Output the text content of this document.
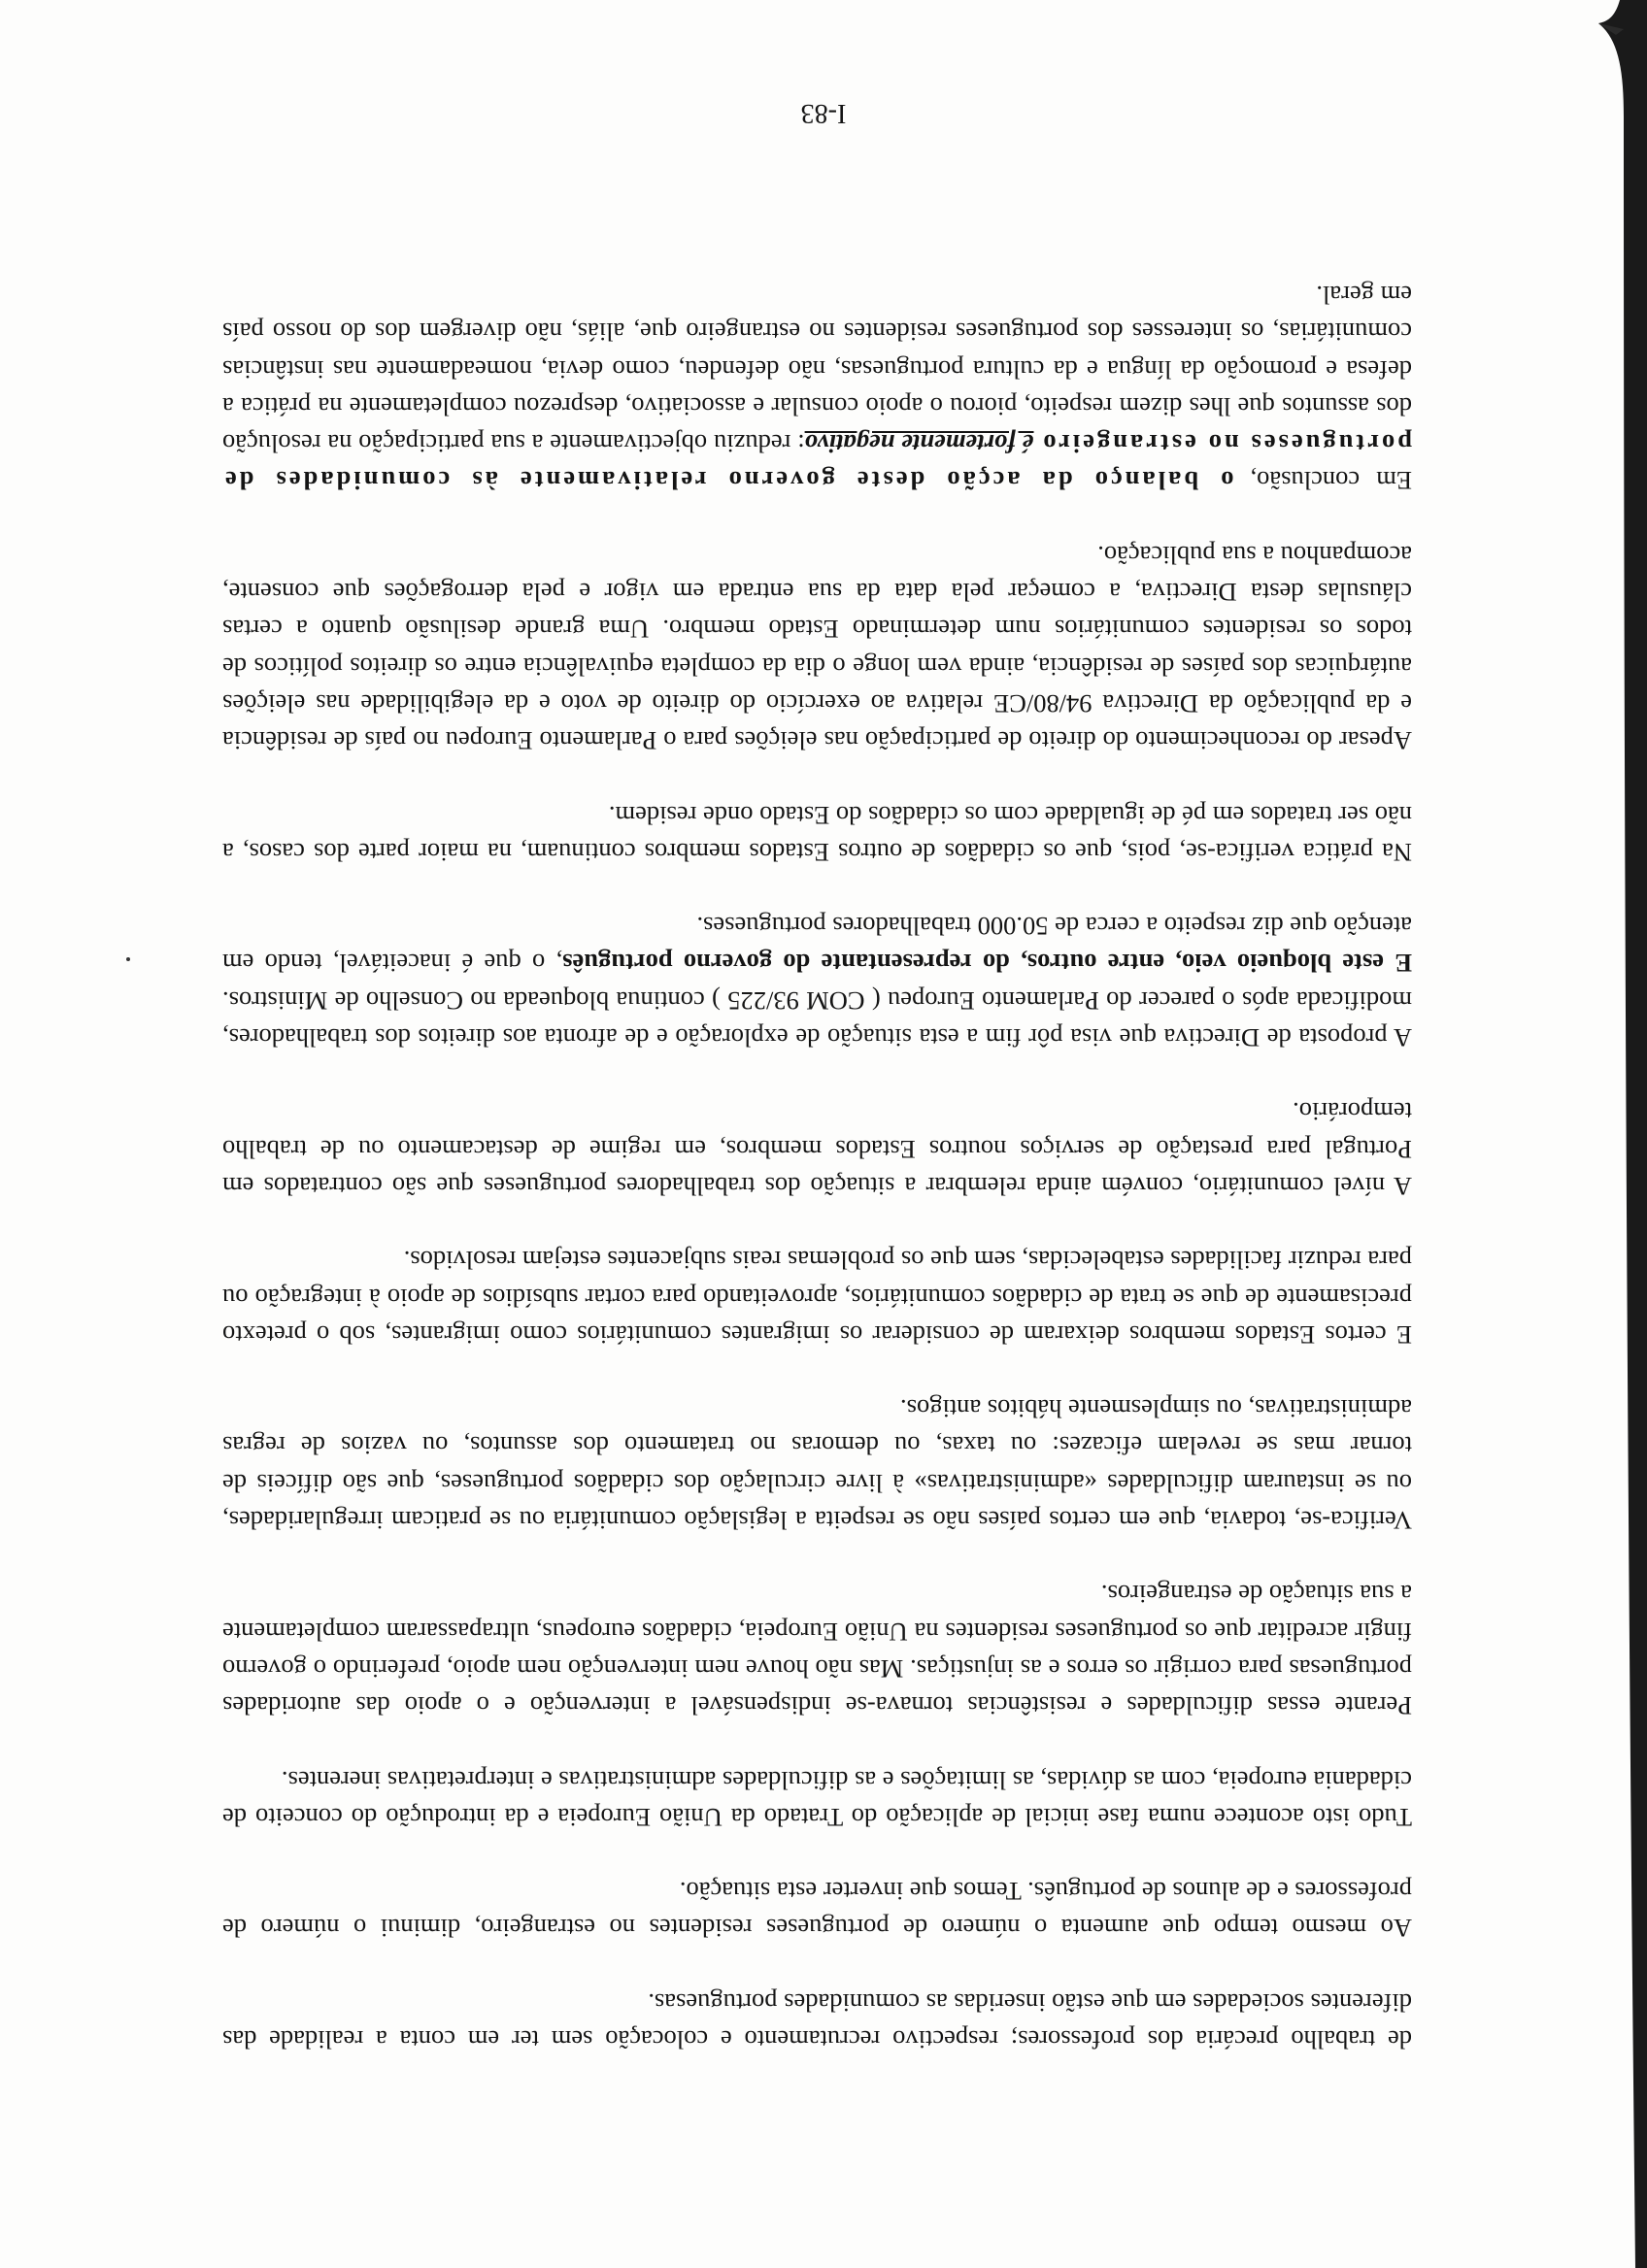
de trabalho precária dos professores; respectivo recrutamento e colocação sem ter em conta a realidade das diferentes sociedades em que estão inseridas as comunidades portuguesas.

Ao mesmo tempo que aumenta o número de portugueses residentes no estrangeiro, diminui o número de professores e de alunos de português. Temos que inverter esta situação.

Tudo isto acontece numa fase inicial de aplicação do Tratado da União Europeia e da introdução do conceito de cidadania europeia, com as dúvidas, as limitações e as dificuldades administrativas e interpretativas inerentes.

Perante essas dificuldades e resistências tornava-se indispensável a intervenção e o apoio das autoridades portuguesas para corrigir os erros e as injustiças. Mas não houve nem intervenção nem apoio, preferindo o governo fingir acreditar que os portugueses residentes na União Europeia, cidadãos europeus, ultrapassaram completamente a sua situação de estrangeiros.

Verifica-se, todavia, que em certos países não se respeita a legislação comunitária ou se praticam irregularidades, ou se instauram dificuldades «administrativas» à livre circulação dos cidadãos portugueses, que são difíceis de tornar mas se revelam eficazes: ou taxas, ou demoras no tratamento dos assuntos, ou vazios de regras administrativas, ou simplesmente hábitos antigos.

E certos Estados membros deixaram de considerar os imigrantes comunitários como imigrantes, sob o pretexto precisamente de que se trata de cidadãos comunitários, aproveitando para cortar subsídios de apoio à integração ou para reduzir facilidades estabelecidas, sem que os problemas reais subjacentes estejam resolvidos.

A nível comunitário, convém ainda relembrar a situação dos trabalhadores portugueses que são contratados em Portugal para prestação de serviços noutros Estados membros, em regime de destacamento ou de trabalho temporário.

A proposta de Directiva que visa pôr fim a esta situação de exploração e de afronta aos direitos dos trabalhadores, modificada após o parecer do Parlamento Europeu ( COM 93/225 ) continua bloqueada no Conselho de Ministros. E este bloqueio veio, entre outros, do representante do governo português, o que é inaceitável, tendo em atenção que diz respeito a cerca de 50.000 trabalhadores portugueses.

Na prática verifica-se, pois, que os cidadãos de outros Estados membros continuam, na maior parte dos casos, a não ser tratados em pé de igualdade com os cidadãos do Estado onde residem.

Apesar do reconhecimento do direito de participação nas eleições para o Parlamento Europeu no país de residência e da publicação da Directiva 94/80/CE relativa ao exercício do direito de voto e da elegibilidade nas eleições autárquicas dos países de residência, ainda vem longe o dia da completa equivalência entre os direitos políticos de todos os residentes comunitários num determinado Estado membro. Uma grande desilusão quanto a certas cláusulas desta Directiva, a começar pela data da sua entrada em vigor e pela derrogações que consente, acompanhou a sua publicação.

Em conclusão, o balanço da acção deste governo relativamente às comunidades de portugueses no estrangeiro é fortemente negativo: reduziu objectivamente a sua participação na resolução dos assuntos que lhes dizem respeito, piorou o apoio consular e associativo, desprezou completamente na prática a defesa e promoção da língua e da cultura portuguesas, não defendeu, como devia, nomeadamente nas instâncias comunitárias, os interesses dos portugueses residentes no estrangeiro que, aliás, não divergem dos do nosso país em geral.

I-83
